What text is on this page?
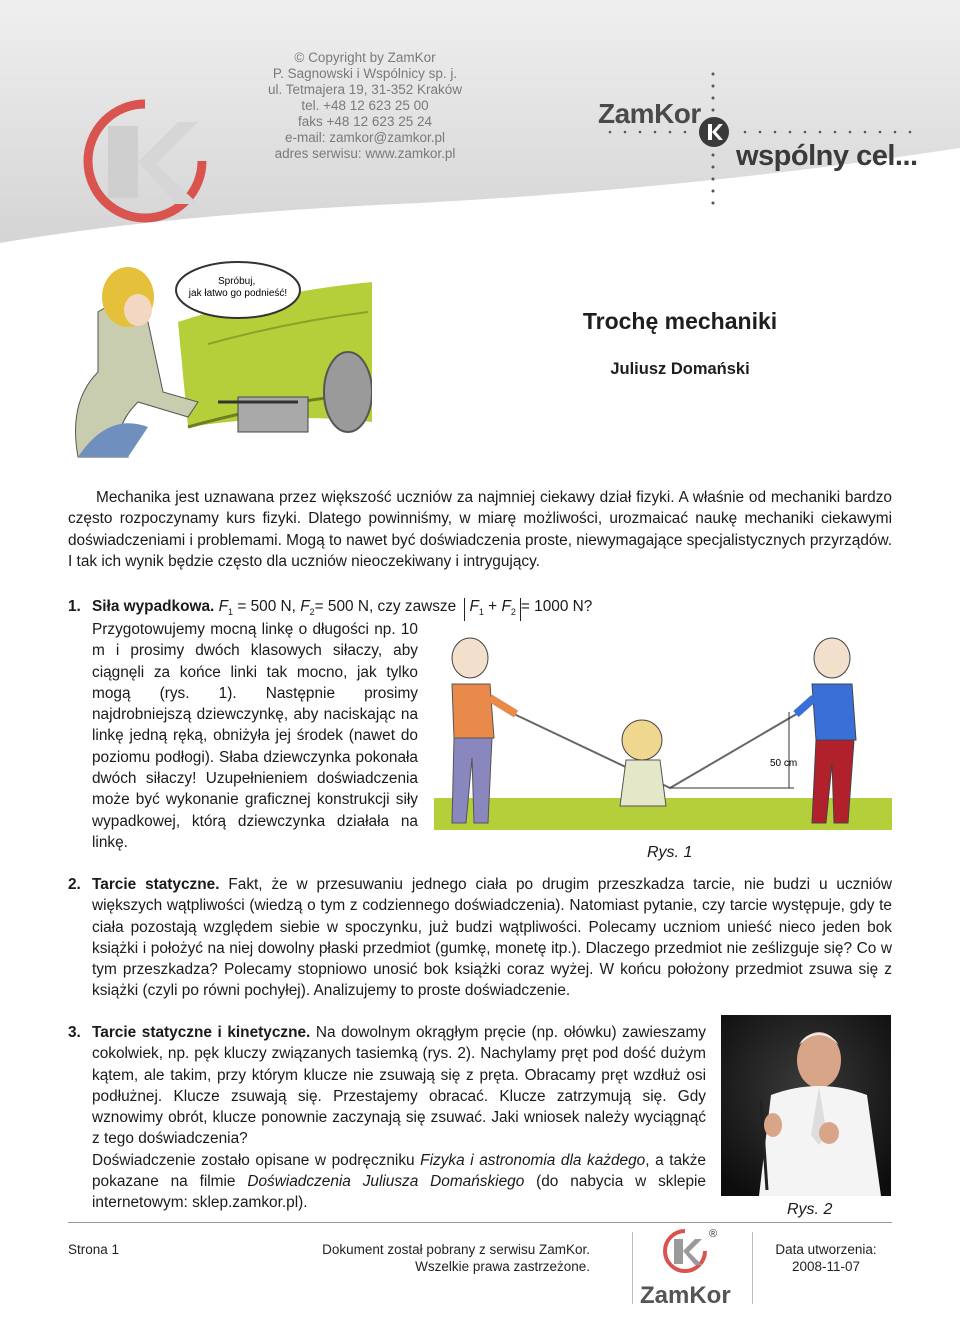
© Copyright by ZamKor
P. Sagnowski i Wspólnicy sp. j.
ul. Tetmajera 19, 31-352 Kraków
tel. +48 12 623 25 00
faks +48 12 623 25 24
e-mail: zamkor@zamkor.pl
adres serwisu: www.zamkor.pl
ZamKor
wspólny cel...
Spróbuj, jak łatwo go podnieść!
Trochę mechaniki
Juliusz Domański
Mechanika jest uznawana przez większość uczniów za najmniej ciekawy dział fizyki. A właśnie od mechaniki bardzo często rozpoczynamy kurs fizyki. Dlatego powinniśmy, w miarę możliwości, urozmaicać naukę mechaniki ciekawymi doświadczeniami i problemami. Mogą to nawet być doświadczenia proste, niewymagające specjalistycznych przyrządów. I tak ich wynik będzie często dla uczniów nieoczekiwany i intrygujący.
1. Siła wypadkowa. $F_1 = 500$ N, $F_2= 500$ N, czy zawsze $F_1 + F_2 = 1000$ N?
Przygotowujemy mocną linkę o długości np. 10 m i prosimy dwóch klasowych siłaczy, aby ciągnęli za końce linki tak mocno, jak tylko mogą (rys. 1). Następnie prosimy najdrobniejszą dziewczynkę, aby naciskając na linkę jedną ręką, obniżyła jej środek (nawet do poziomu podłogi). Słaba dziewczynka pokonała dwóch siłaczy! Uzupełnieniem doświadczenia może być wykonanie graficznej konstrukcji siły wypadkowej, którą dziewczynka działała na linkę.
50 cm
Rys. 1
2. Tarcie statyczne. Fakt, że w przesuwaniu jednego ciała po drugim przeszkadza tarcie, nie budzi u uczniów większych wątpliwości (wiedzą o tym z codziennego doświadczenia). Natomiast pytanie, czy tarcie występuje, gdy te ciała pozostają względem siebie w spoczynku, już budzi wątpliwości. Polecamy uczniom unieść nieco jeden bok książki i położyć na niej dowolny płaski przedmiot (gumkę, monetę itp.). Dlaczego przedmiot nie ześlizguje się? Co w tym przeszkadza? Polecamy stopniowo unosić bok książki coraz wyżej. W końcu położony przedmiot zsuwa się z książki (czyli po równi pochyłej). Analizujemy to proste doświadczenie.
3. Tarcie statyczne i kinetyczne. Na dowolnym okrągłym pręcie (np. ołówku) zawieszamy cokolwiek, np. pęk kluczy związanych tasiemką (rys. 2). Nachylamy pręt pod dość dużym kątem, ale takim, przy którym klucze nie zsuwają się z pręta. Obracamy pręt wzdłuż osi podłużnej. Klucze zsuwają się. Przestajemy obracać. Klucze zatrzymują się. Gdy wznowimy obrót, klucze ponownie zaczynają się zsuwać. Jaki wniosek należy wyciągnąć z tego doświadczenia?
Doświadczenie zostało opisane w podręczniku Fizyka i astronomia dla każdego, a także pokazane na filmie Doświadczenia Juliusza Domańskiego (do nabycia w sklepie internetowym: sklep.zamkor.pl).	Rys. 2
Strona 1	Dokument został pobrany z serwisu ZamKor.
Wszelkie prawa zastrzeżone.
®
ZamKor
Data utworzenia:
2008-11-07
